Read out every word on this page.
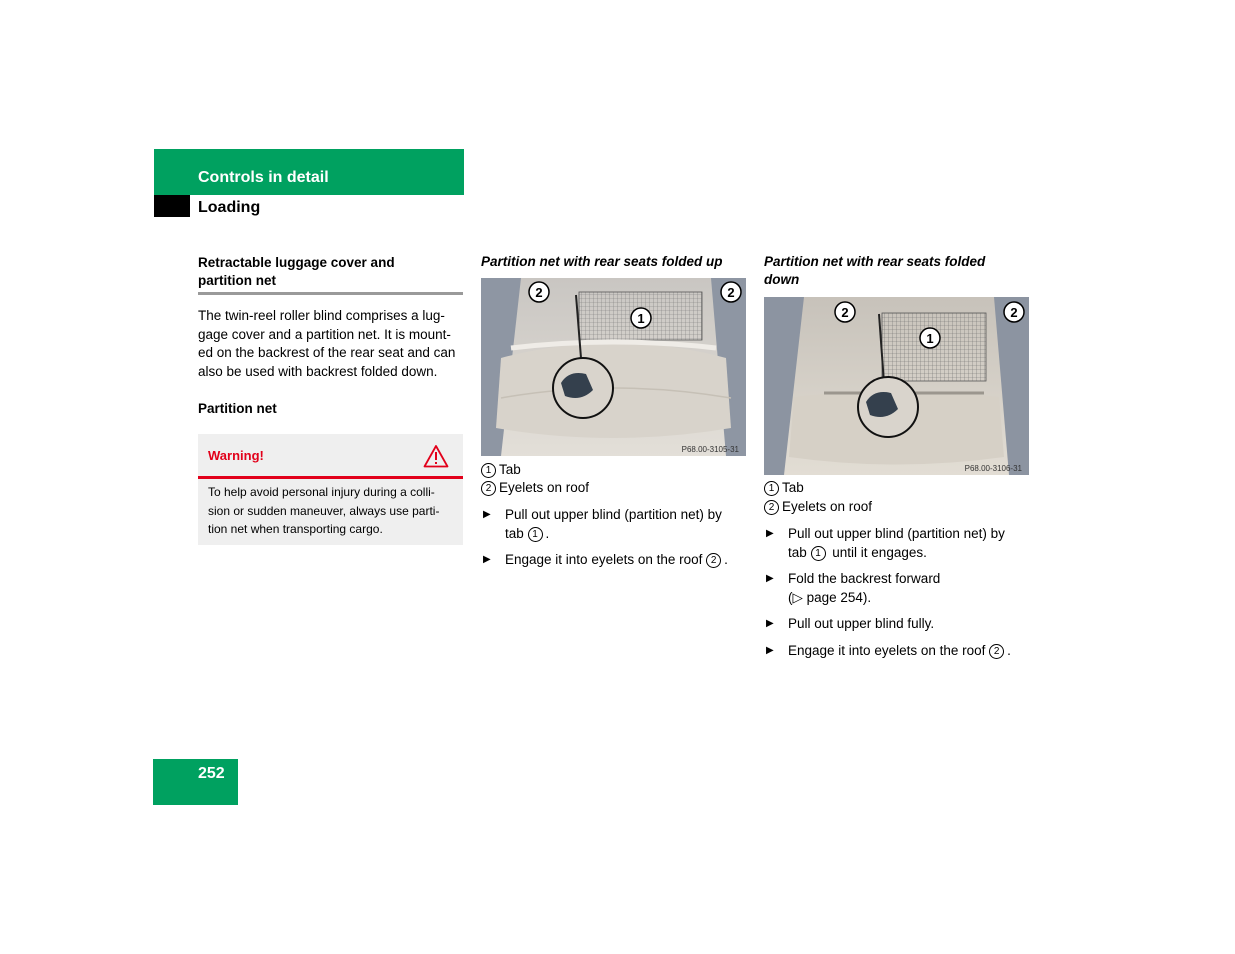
Controls in detail
Loading
Retractable luggage cover and
partition net
The twin-reel roller blind comprises a lug-
gage cover and a partition net. It is mount-
ed on the backrest of the rear seat and can
also be used with backrest folded down.
Partition net
Warning!
To help avoid personal injury during a colli-
sion or sudden maneuver, always use parti-
tion net when transporting cargo.
Partition net with rear seats folded up
2	2
1
P68.00-3105-31
1 Tab
2 Eyelets on roof
▶ Pull out upper blind (partition net) by
tab 1 .
▶ Engage it into eyelets on the roof 2 .
Partition net with rear seats folded
down
2	2
1
P68.00-3106-31
1 Tab
2 Eyelets on roof
▶ Pull out upper blind (partition net) by
tab 1 until it engages.
▶ Fold the backrest forward
(▷ page 254).
▶ Pull out upper blind fully.
▶ Engage it into eyelets on the roof 2 .
252
